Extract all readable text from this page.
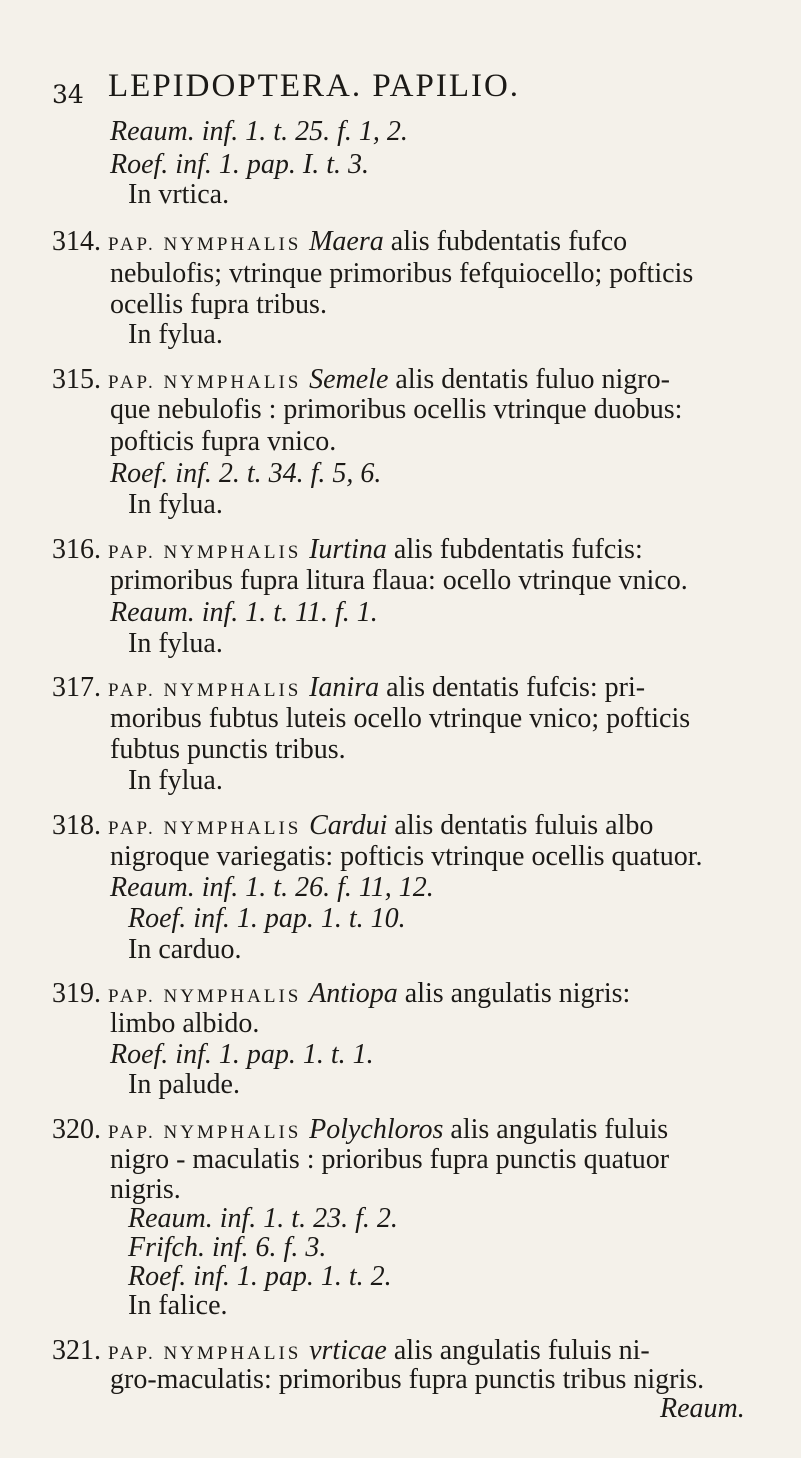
34 LEPIDOPTERA. PAPILIO.
Reaum. inf. 1. t. 25. f. 1, 2.
Roef. inf. 1. pap. I. t. 3.
In vrtica.
314. PAP. NYMPHALIS Maera alis fubdentatis fufco
nebulofis; vtrinque primoribus fefquiocello; pofticis
ocellis fupra tribus.
In fylua.
315. PAP. NYMPHALIS Semele alis dentatis fuluo nigro-
que nebulofis : primoribus ocellis vtrinque duobus:
pofticis fupra vnico.
Roef. inf. 2. t. 34. f. 5, 6.
In fylua.
316. PAP. NYMPHALIS Iurtina alis fubdentatis fufcis:
primoribus fupra litura flaua: ocello vtrinque vnico.
Reaum. inf. 1. t. 11. f. 1.
In fylua.
317. PAP. NYMPHALIS Ianira alis dentatis fufcis: pri-
moribus fubtus luteis ocello vtrinque vnico; pofticis
fubtus punctis tribus.
In fylua.
318. PAP. NYMPHALIS Cardui alis dentatis fuluis albo
nigroque variegatis: pofticis vtrinque ocellis quatuor.
Reaum. inf. 1. t. 26. f. 11, 12.
Roef. inf. 1. pap. 1. t. 10.
In carduo.
319. PAP. NYMPHALIS Antiopa alis angulatis nigris:
limbo albido.
Roef. inf. 1. pap. 1. t. 1.
In palude.
320. PAP. NYMPHALIS Polychloros alis angulatis fuluis
nigro - maculatis : prioribus fupra punctis quatuor
nigris.
Reaum. inf. 1. t. 23. f. 2.
Frifch. inf. 6. f. 3.
Roef. inf. 1. pap. 1. t. 2.
In falice.
321. PAP. NYMPHALIS vrticae alis angulatis fuluis ni-
gro-maculatis: primoribus fupra punctis tribus nigris.
Reaum.
